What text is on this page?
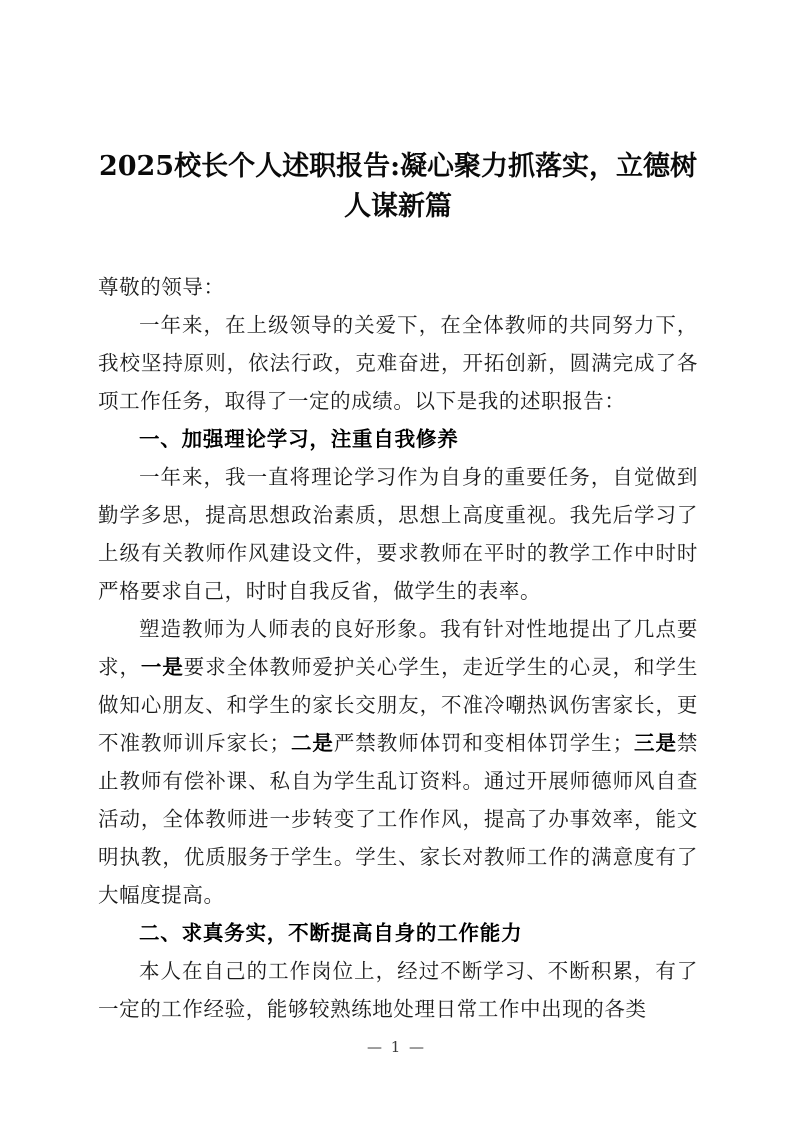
2025校长个人述职报告:凝心聚力抓落实，立德树人谋新篇

尊敬的领导：

一年来，在上级领导的关爱下，在全体教师的共同努力下，我校坚持原则，依法行政，克难奋进，开拓创新，圆满完成了各项工作任务，取得了一定的成绩。以下是我的述职报告：

一、加强理论学习，注重自我修养

一年来，我一直将理论学习作为自身的重要任务，自觉做到勤学多思，提高思想政治素质，思想上高度重视。我先后学习了上级有关教师作风建设文件，要求教师在平时的教学工作中时时严格要求自己，时时自我反省，做学生的表率。

塑造教师为人师表的良好形象。我有针对性地提出了几点要求，一是要求全体教师爱护关心学生，走近学生的心灵，和学生做知心朋友、和学生的家长交朋友，不准冷嘲热讽伤害家长，更不准教师训斥家长；二是严禁教师体罚和变相体罚学生；三是禁止教师有偿补课、私自为学生乱订资料。通过开展师德师风自查活动，全体教师进一步转变了工作作风，提高了办事效率，能文明执教，优质服务于学生。学生、家长对教师工作的满意度有了大幅度提高。

二、求真务实，不断提高自身的工作能力

本人在自己的工作岗位上，经过不断学习、不断积累，有了一定的工作经验，能够较熟练地处理日常工作中出现的各类

— 1 —
